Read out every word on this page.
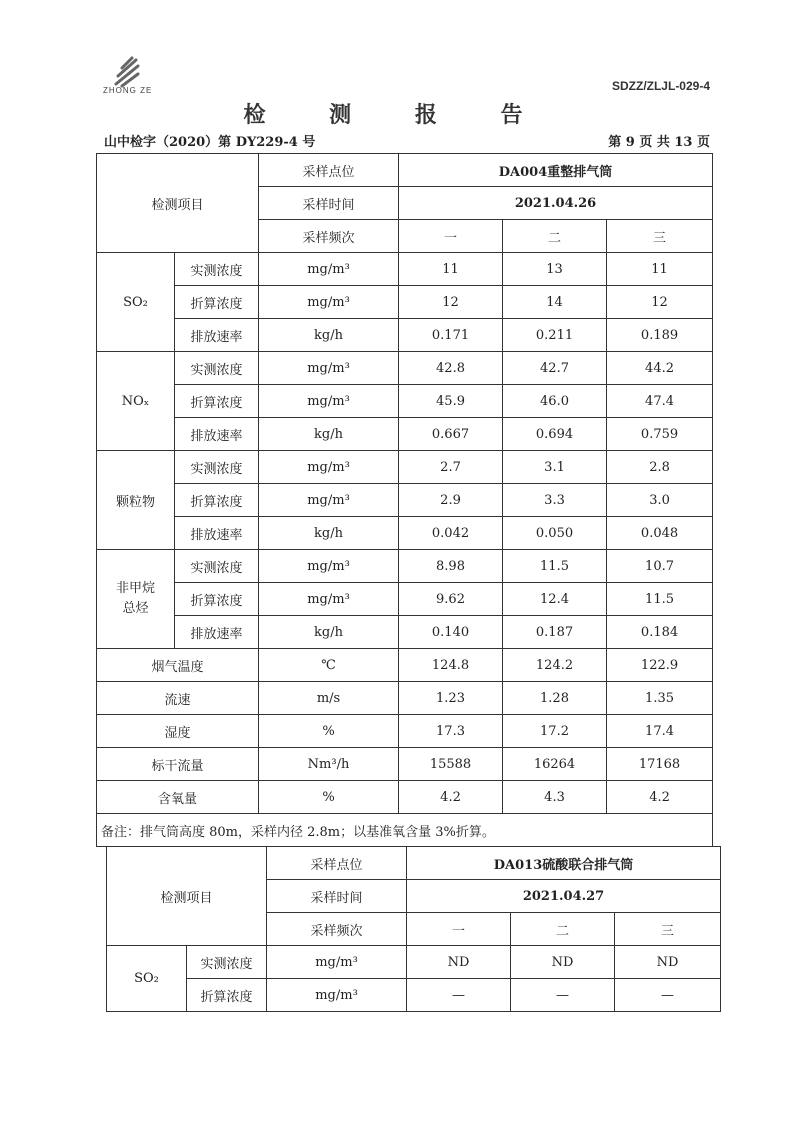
ZHONG ZE	SDZZ/ZLJL-029-4
检 测 报 告
山中检字（2020）第 DY229-4 号	第 9 页 共 13 页
检测项目		采样点位	DA004重整排气筒		
		采样时间	2021.04.26		
		采样频次	一	二	三
SO₂	实测浓度	mg/m³	11	13	11
	折算浓度	mg/m³	12	14	12
	排放速率	kg/h	0.171	0.211	0.189
NOₓ	实测浓度	mg/m³	42.8	42.7	44.2
	折算浓度	mg/m³	45.9	46.0	47.4
	排放速率	kg/h	0.667	0.694	0.759
颗粒物	实测浓度	mg/m³	2.7	3.1	2.8
	折算浓度	mg/m³	2.9	3.3	3.0
	排放速率	kg/h	0.042	0.050	0.048
非甲烷总烃	实测浓度	mg/m³	8.98	11.5	10.7
	折算浓度	mg/m³	9.62	12.4	11.5
	排放速率	kg/h	0.140	0.187	0.184
烟气温度		℃	124.8	124.2	122.9
流速		m/s	1.23	1.28	1.35
湿度		%	17.3	17.2	17.4
标干流量		Nm³/h	15588	16264	17168
含氧量		%	4.2	4.3	4.2
备注：排气筒高度 80m，采样内径 2.8m；以基准氧含量 3%折算。					
检测项目		采样点位	DA013硫酸联合排气筒		
		采样时间	2021.04.27		
		采样频次	一	二	三
SO₂	实测浓度	mg/m³	ND	ND	ND
	折算浓度	mg/m³	—	—	—
